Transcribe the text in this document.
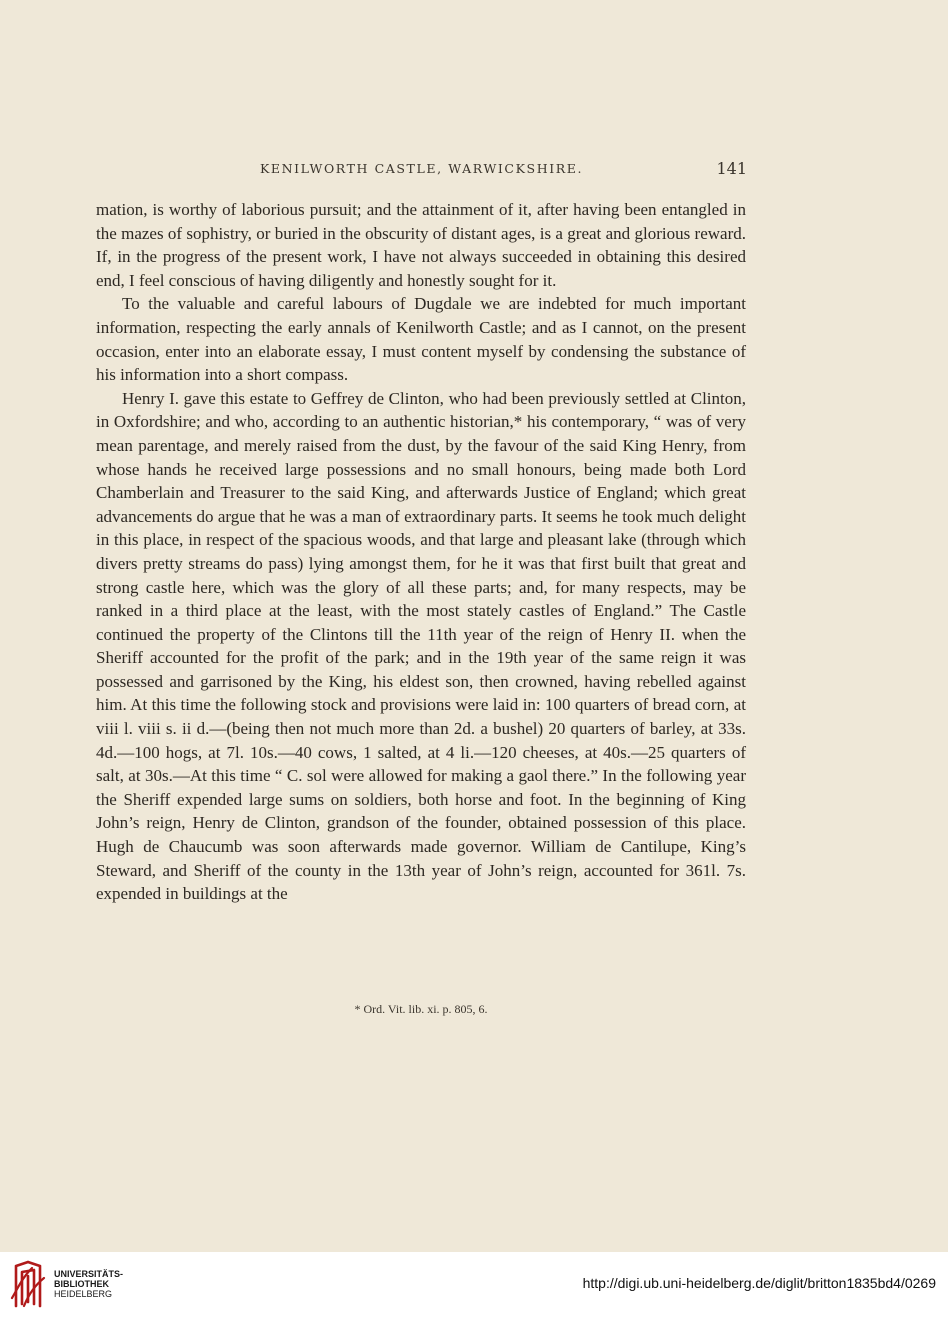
KENILWORTH CASTLE, WARWICKSHIRE.	141

mation, is worthy of laborious pursuit; and the attainment of it, after having been entangled in the mazes of sophistry, or buried in the obscurity of distant ages, is a great and glorious reward. If, in the progress of the present work, I have not always succeeded in obtaining this desired end, I feel conscious of having diligently and honestly sought for it.

To the valuable and careful labours of Dugdale we are indebted for much important information, respecting the early annals of Kenilworth Castle; and as I cannot, on the present occasion, enter into an elaborate essay, I must content myself by condensing the substance of his information into a short compass.

Henry I. gave this estate to Geffrey de Clinton, who had been previously settled at Clinton, in Oxfordshire; and who, according to an authentic historian,* his contemporary, “ was of very mean parentage, and merely raised from the dust, by the favour of the said King Henry, from whose hands he received large possessions and no small honours, being made both Lord Chamberlain and Treasurer to the said King, and afterwards Justice of England; which great advancements do argue that he was a man of extraordinary parts. It seems he took much delight in this place, in respect of the spacious woods, and that large and pleasant lake (through which divers pretty streams do pass) lying amongst them, for he it was that first built that great and strong castle here, which was the glory of all these parts; and, for many respects, may be ranked in a third place at the least, with the most stately castles of England.” The Castle continued the property of the Clintons till the 11th year of the reign of Henry II. when the Sheriff accounted for the profit of the park; and in the 19th year of the same reign it was possessed and garrisoned by the King, his eldest son, then crowned, having rebelled against him. At this time the following stock and provisions were laid in: 100 quarters of bread corn, at viii l. viii s. ii d.—(being then not much more than 2d. a bushel) 20 quarters of barley, at 33s. 4d.—100 hogs, at 7l. 10s.—40 cows, 1 salted, at 4 li.—120 cheeses, at 40s.—25 quarters of salt, at 30s.—At this time “ C. sol were allowed for making a gaol there.” In the following year the Sheriff expended large sums on soldiers, both horse and foot. In the beginning of King John’s reign, Henry de Clinton, grandson of the founder, obtained possession of this place. Hugh de Chaucumb was soon afterwards made governor. William de Cantilupe, King’s Steward, and Sheriff of the county in the 13th year of John’s reign, accounted for 361l. 7s. expended in buildings at the

* Ord. Vit. lib. xi. p. 805, 6.
UNIVERSITÄTS-
BIBLIOTHEK
HEIDELBERG
http://digi.ub.uni-heidelberg.de/diglit/britton1835bd4/0269
